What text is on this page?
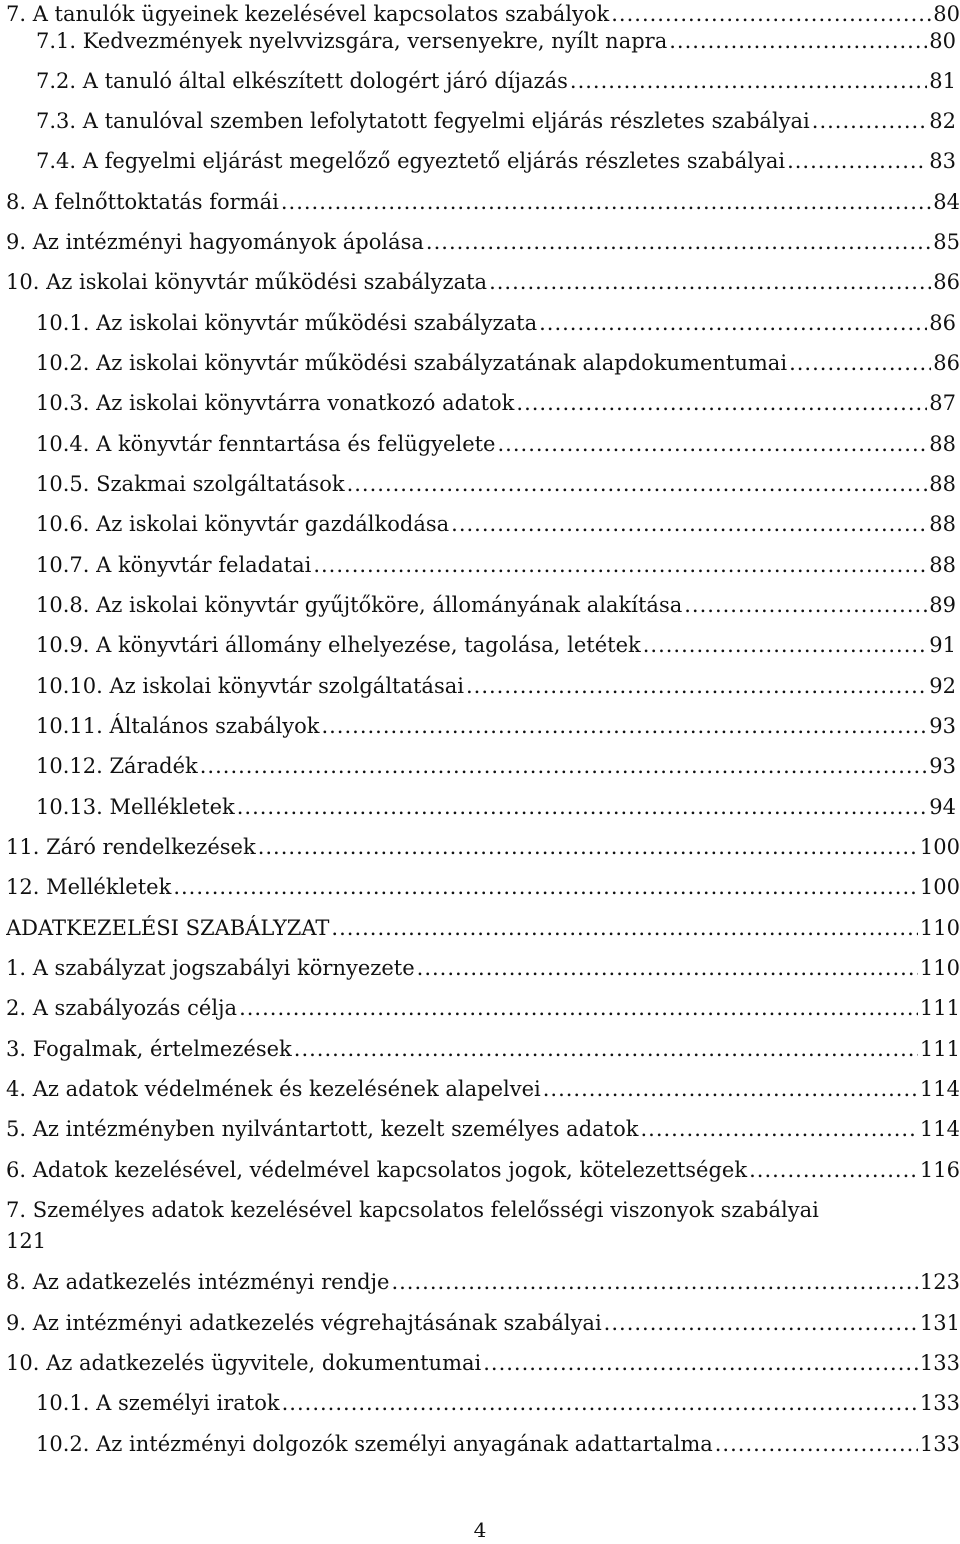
7. A tanulók ügyeinek kezelésével kapcsolatos szabályok .....	80
7.1. Kedvezmények nyelvvizsgára, versenyekre, nyílt napra .....	80
7.2. A tanuló által elkészített dologért járó díjazás .....	81
7.3. A tanulóval szemben lefolytatott fegyelmi eljárás részletes szabályai .....	82
7.4. A fegyelmi eljárást megelőző egyeztető eljárás részletes szabályai .....	83
8. A felnőttoktatás formái .....	84
9. Az intézményi hagyományok ápolása .....	85
10. Az iskolai könyvtár működési szabályzata .....	86
10.1. Az iskolai könyvtár működési szabályzata .....	86
10.2. Az iskolai könyvtár működési szabályzatának alapdokumentumai .....	86
10.3. Az iskolai könyvtárra vonatkozó adatok .....	87
10.4. A könyvtár fenntartása és felügyelete .....	88
10.5. Szakmai szolgáltatások .....	88
10.6. Az iskolai könyvtár gazdálkodása .....	88
10.7. A könyvtár feladatai .....	88
10.8. Az iskolai könyvtár gyűjtőköre, állományának alakítása .....	89
10.9. A könyvtári állomány elhelyezése, tagolása, letétek .....	91
10.10. Az iskolai könyvtár szolgáltatásai .....	92
10.11. Általános szabályok .....	93
10.12. Záradék .....	93
10.13. Mellékletek .....	94
11. Záró rendelkezések .....	100
12. Mellékletek .....	100
ADATKEZELÉSI SZABÁLYZAT .....	110
1. A szabályzat jogszabályi környezete .....	110
2. A szabályozás célja .....	111
3. Fogalmak, értelmezések .....	111
4. Az adatok védelmének és kezelésének alapelvei .....	114
5. Az intézményben nyilvántartott, kezelt személyes adatok .....	114
6. Adatok kezelésével, védelmével kapcsolatos jogok, kötelezettségek .....	116
7. Személyes adatok kezelésével kapcsolatos felelősségi viszonyok szabályai
121
8. Az adatkezelés intézményi rendje .....	123
9. Az intézményi adatkezelés végrehajtásának szabályai .....	131
10. Az adatkezelés ügyvitele, dokumentumai .....	133
10.1. A személyi iratok .....	133
10.2. Az intézményi dolgozók személyi anyagának adattartalma .....	133
4
